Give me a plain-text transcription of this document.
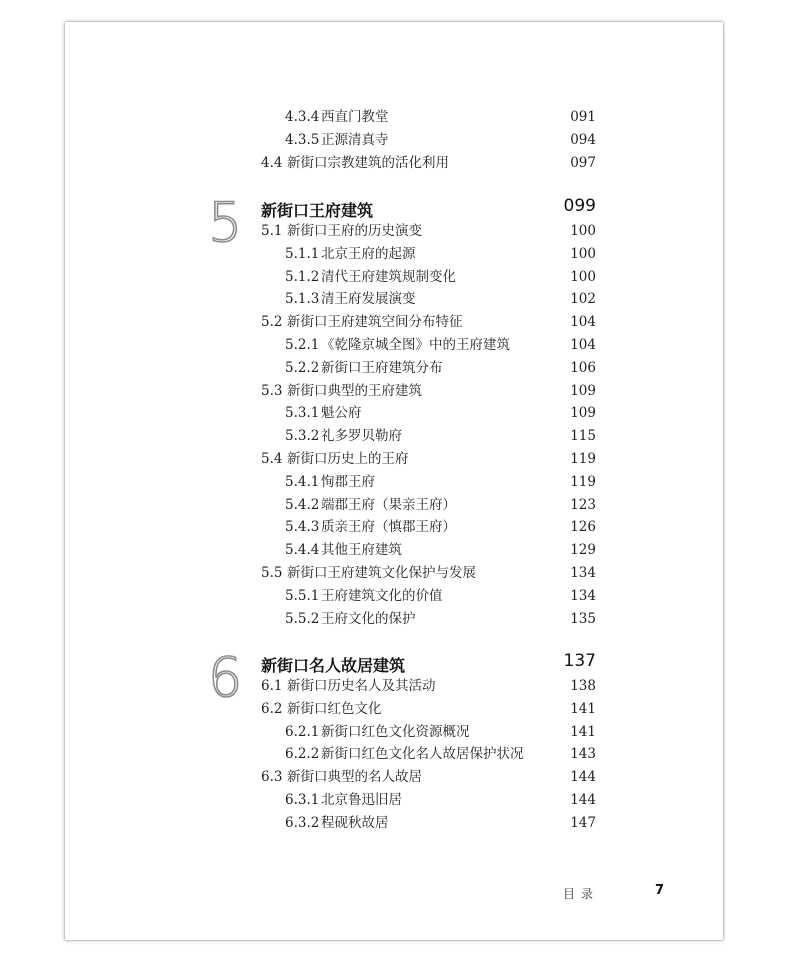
4.3.4 西直门教堂	091
4.3.5 正源清真寺	094
4.4 新街口宗教建筑的活化利用	097
5 新街口王府建筑	099
5.1 新街口王府的历史演变	100
5.1.1 北京王府的起源	100
5.1.2 清代王府建筑规制变化	100
5.1.3 清王府发展演变	102
5.2 新街口王府建筑空间分布特征	104
5.2.1 《乾隆京城全图》中的王府建筑	104
5.2.2 新街口王府建筑分布	106
5.3 新街口典型的王府建筑	109
5.3.1 魁公府	109
5.3.2 礼多罗贝勒府	115
5.4 新街口历史上的王府	119
5.4.1 恂郡王府	119
5.4.2 端郡王府（果亲王府）	123
5.4.3 质亲王府（慎郡王府）	126
5.4.4 其他王府建筑	129
5.5 新街口王府建筑文化保护与发展	134
5.5.1 王府建筑文化的价值	134
5.5.2 王府文化的保护	135
6 新街口名人故居建筑	137
6.1 新街口历史名人及其活动	138
6.2 新街口红色文化	141
6.2.1 新街口红色文化资源概况	141
6.2.2 新街口红色文化名人故居保护状况	143
6.3 新街口典型的名人故居	144
6.3.1 北京鲁迅旧居	144
6.3.2 程砚秋故居	147
目录	7
